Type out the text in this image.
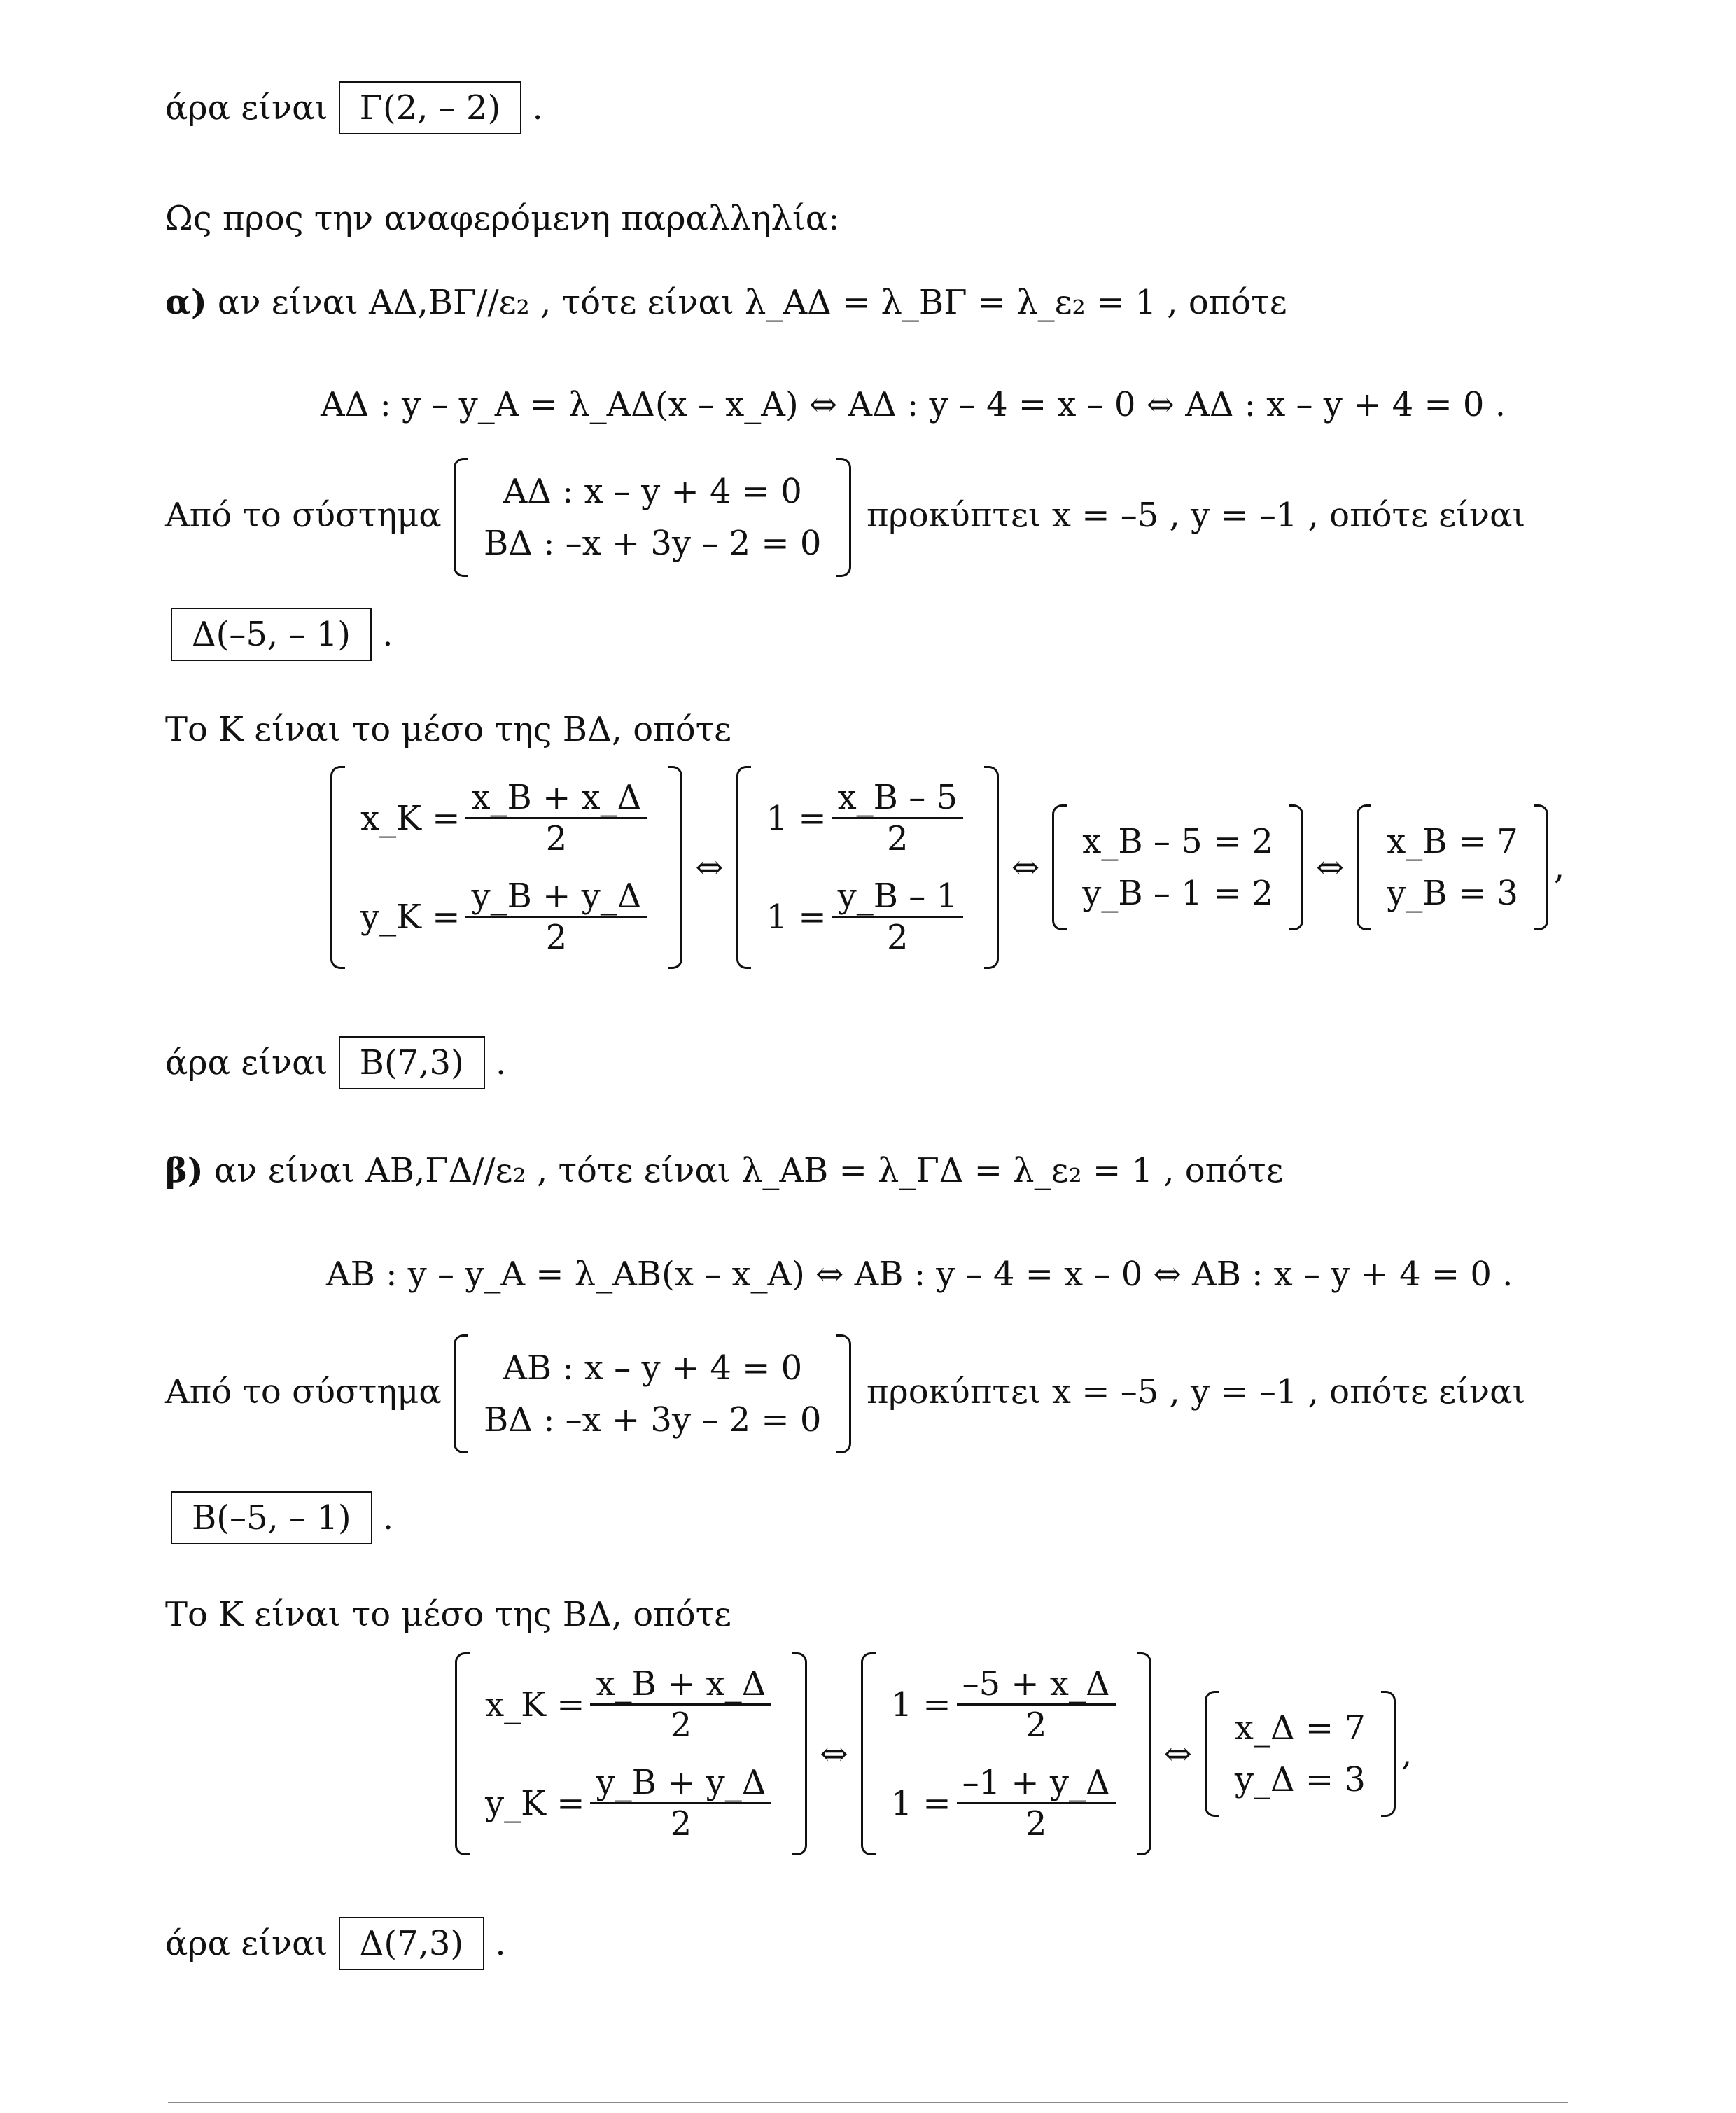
άρα είναι Γ(2, – 2) .
Ως προς την αναφερόμενη παραλληλία:
α) αν είναι ΑΔ,ΒΓ//ε₂ , τότε είναι λ_ΑΔ = λ_ΒΓ = λ_ε₂ = 1 , οπότε
ΑΔ : y – y_Α = λ_ΑΔ(x – x_Α) ⇔ ΑΔ : y – 4 = x – 0 ⇔ ΑΔ : x – y + 4 = 0 .
Από το σύστημα
ΑΔ : x – y + 4 = 0
ΒΔ : –x + 3y – 2 = 0
προκύπτει x = –5 , y = –1 , οπότε είναι
Δ(–5, – 1) .
Το Κ είναι το μέσο της ΒΔ, οπότε
x_Κ = $\frac{x\_B + x\_\Delta}{2}$
y_Κ = $\frac{y\_B + y\_\Delta}{2}$
⇔
$1 = \frac{x\_B - 5}{2}$
$1 = \frac{y\_B - 1}{2}$
⇔
x_Β – 5 = 2
y_Β – 1 = 2
⇔
x_Β = 7
y_Β = 3
,
άρα είναι Β(7,3) .
β) αν είναι ΑΒ,ΓΔ//ε₂ , τότε είναι λ_ΑΒ = λ_ΓΔ = λ_ε₂ = 1 , οπότε
ΑΒ : y – y_Α = λ_ΑΒ(x – x_Α) ⇔ ΑΒ : y – 4 = x – 0 ⇔ ΑΒ : x – y + 4 = 0 .
Από το σύστημα
ΑΒ : x – y + 4 = 0
ΒΔ : –x + 3y – 2 = 0
προκύπτει x = –5 , y = –1 , οπότε είναι
Β(–5, – 1) .
Το Κ είναι το μέσο της ΒΔ, οπότε
x_Κ = $\frac{x\_B + x\_\Delta}{2}$
y_Κ = $\frac{y\_B + y\_\Delta}{2}$
⇔
$1 = \frac{-5 + x\_\Delta}{2}$
$1 = \frac{-1 + y\_\Delta}{2}$
⇔
x_Δ = 7
y_Δ = 3
,
άρα είναι Δ(7,3) .
